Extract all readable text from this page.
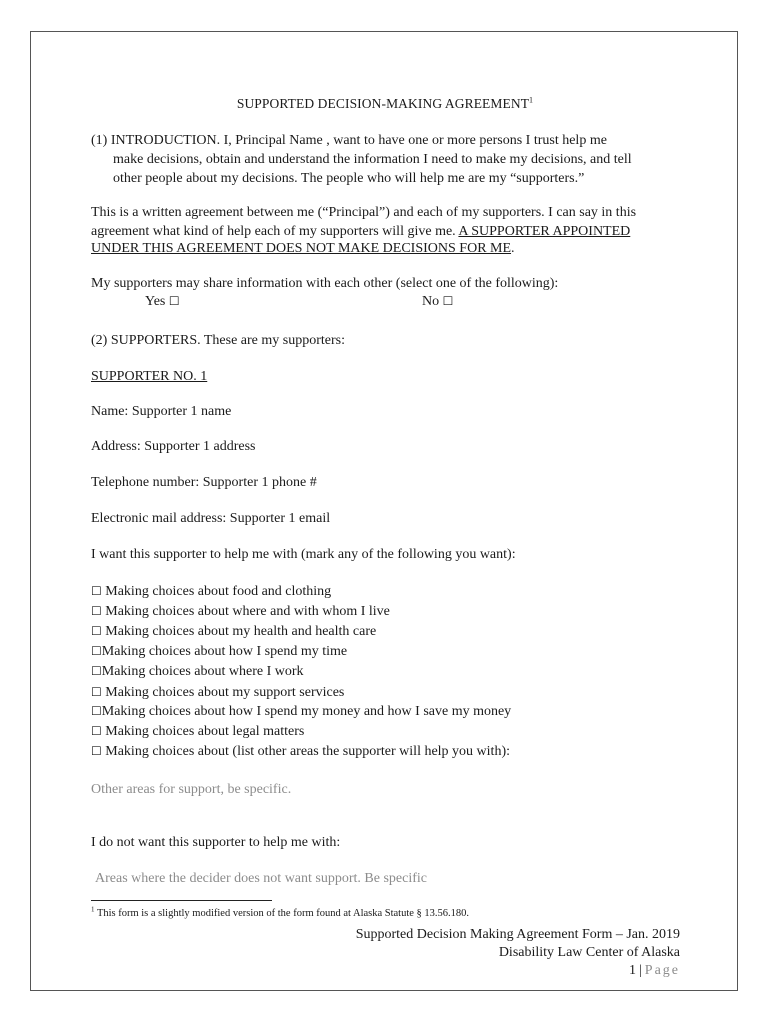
SUPPORTED DECISION-MAKING AGREEMENT$^1$
(1) INTRODUCTION. I, Principal Name , want to have one or more persons I trust help me
make decisions, obtain and understand the information I need to make my decisions, and tell
other people about my decisions. The people who will help me are my “supporters.”
This is a written agreement between me (“Principal”) and each of my supporters. I can say in this
agreement what kind of help each of my supporters will give me. A SUPPORTER APPOINTED
UNDER THIS AGREEMENT DOES NOT MAKE DECISIONS FOR ME.
My supporters may share information with each other (select one of the following):
Yes ☐	No ☐
(2) SUPPORTERS. These are my supporters:
SUPPORTER NO. 1
Name: Supporter 1 name
Address: Supporter 1 address
Telephone number: Supporter 1 phone #
Electronic mail address: Supporter 1 email
I want this supporter to help me with (mark any of the following you want):
☐ Making choices about food and clothing
☐ Making choices about where and with whom I live
☐ Making choices about my health and health care
☐Making choices about how I spend my time
☐Making choices about where I work
☐ Making choices about my support services
☐Making choices about how I spend my money and how I save my money
☐ Making choices about legal matters
☐ Making choices about (list other areas the supporter will help you with):
Other areas for support, be specific.
I do not want this supporter to help me with:
Areas where the decider does not want support. Be specific
$^1$ This form is a slightly modified version of the form found at Alaska Statute § 13.56.180.
Supported Decision Making Agreement Form – Jan. 2019
Disability Law Center of Alaska
1 | Page
